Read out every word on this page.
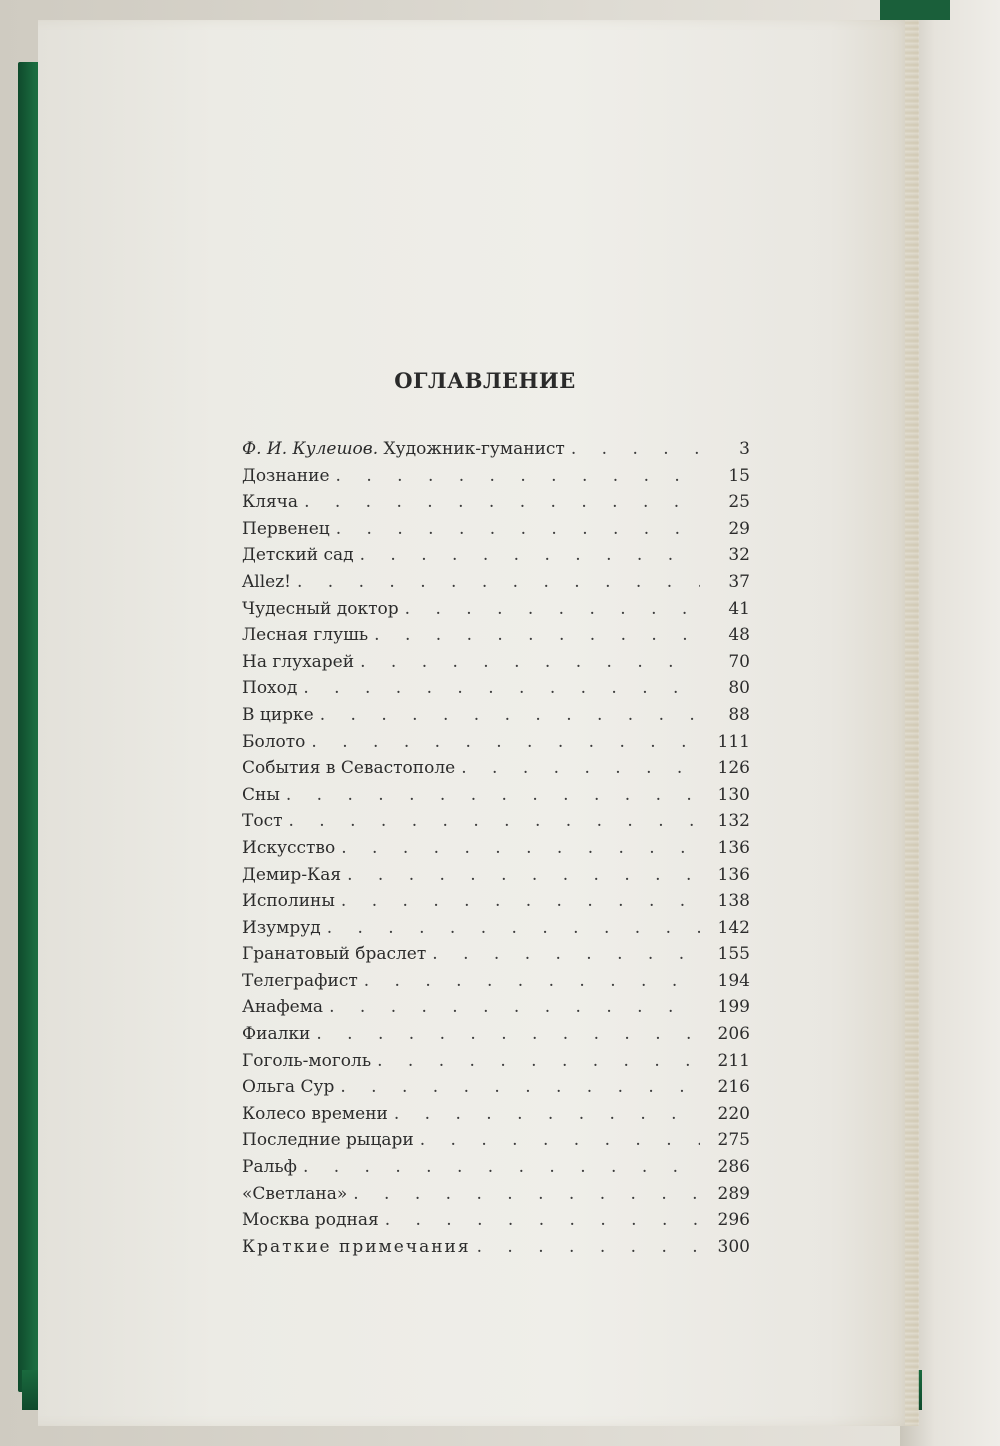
ОГЛАВЛЕНИЕ
Ф. И. Кулешов. Художник-гуманист . . .	3
Дознание . . .	15
Кляча . . .	25
Первенец . . .	29
Детский сад . . .	32
Allez! . . .	37
Чудесный доктор . . .	41
Лесная глушь . . .	48
На глухарей . . .	70
Поход . . .	80
В цирке . . .	88
Болото . . .	111
События в Севастополе . . .	126
Сны . . .	130
Тост . . .	132
Искусство . . .	136
Демир-Кая . . .	136
Исполины . . .	138
Изумруд . . .	142
Гранатовый браслет . . .	155
Телеграфист . . .	194
Анафема . . .	199
Фиалки . . .	206
Гоголь-моголь . . .	211
Ольга Сур . . .	216
Колесо времени . . .	220
Последние рыцари . . .	275
Ральф . . .	286
«Светлана» . . .	289
Москва родная . . .	296
Краткие примечания . . .	300
